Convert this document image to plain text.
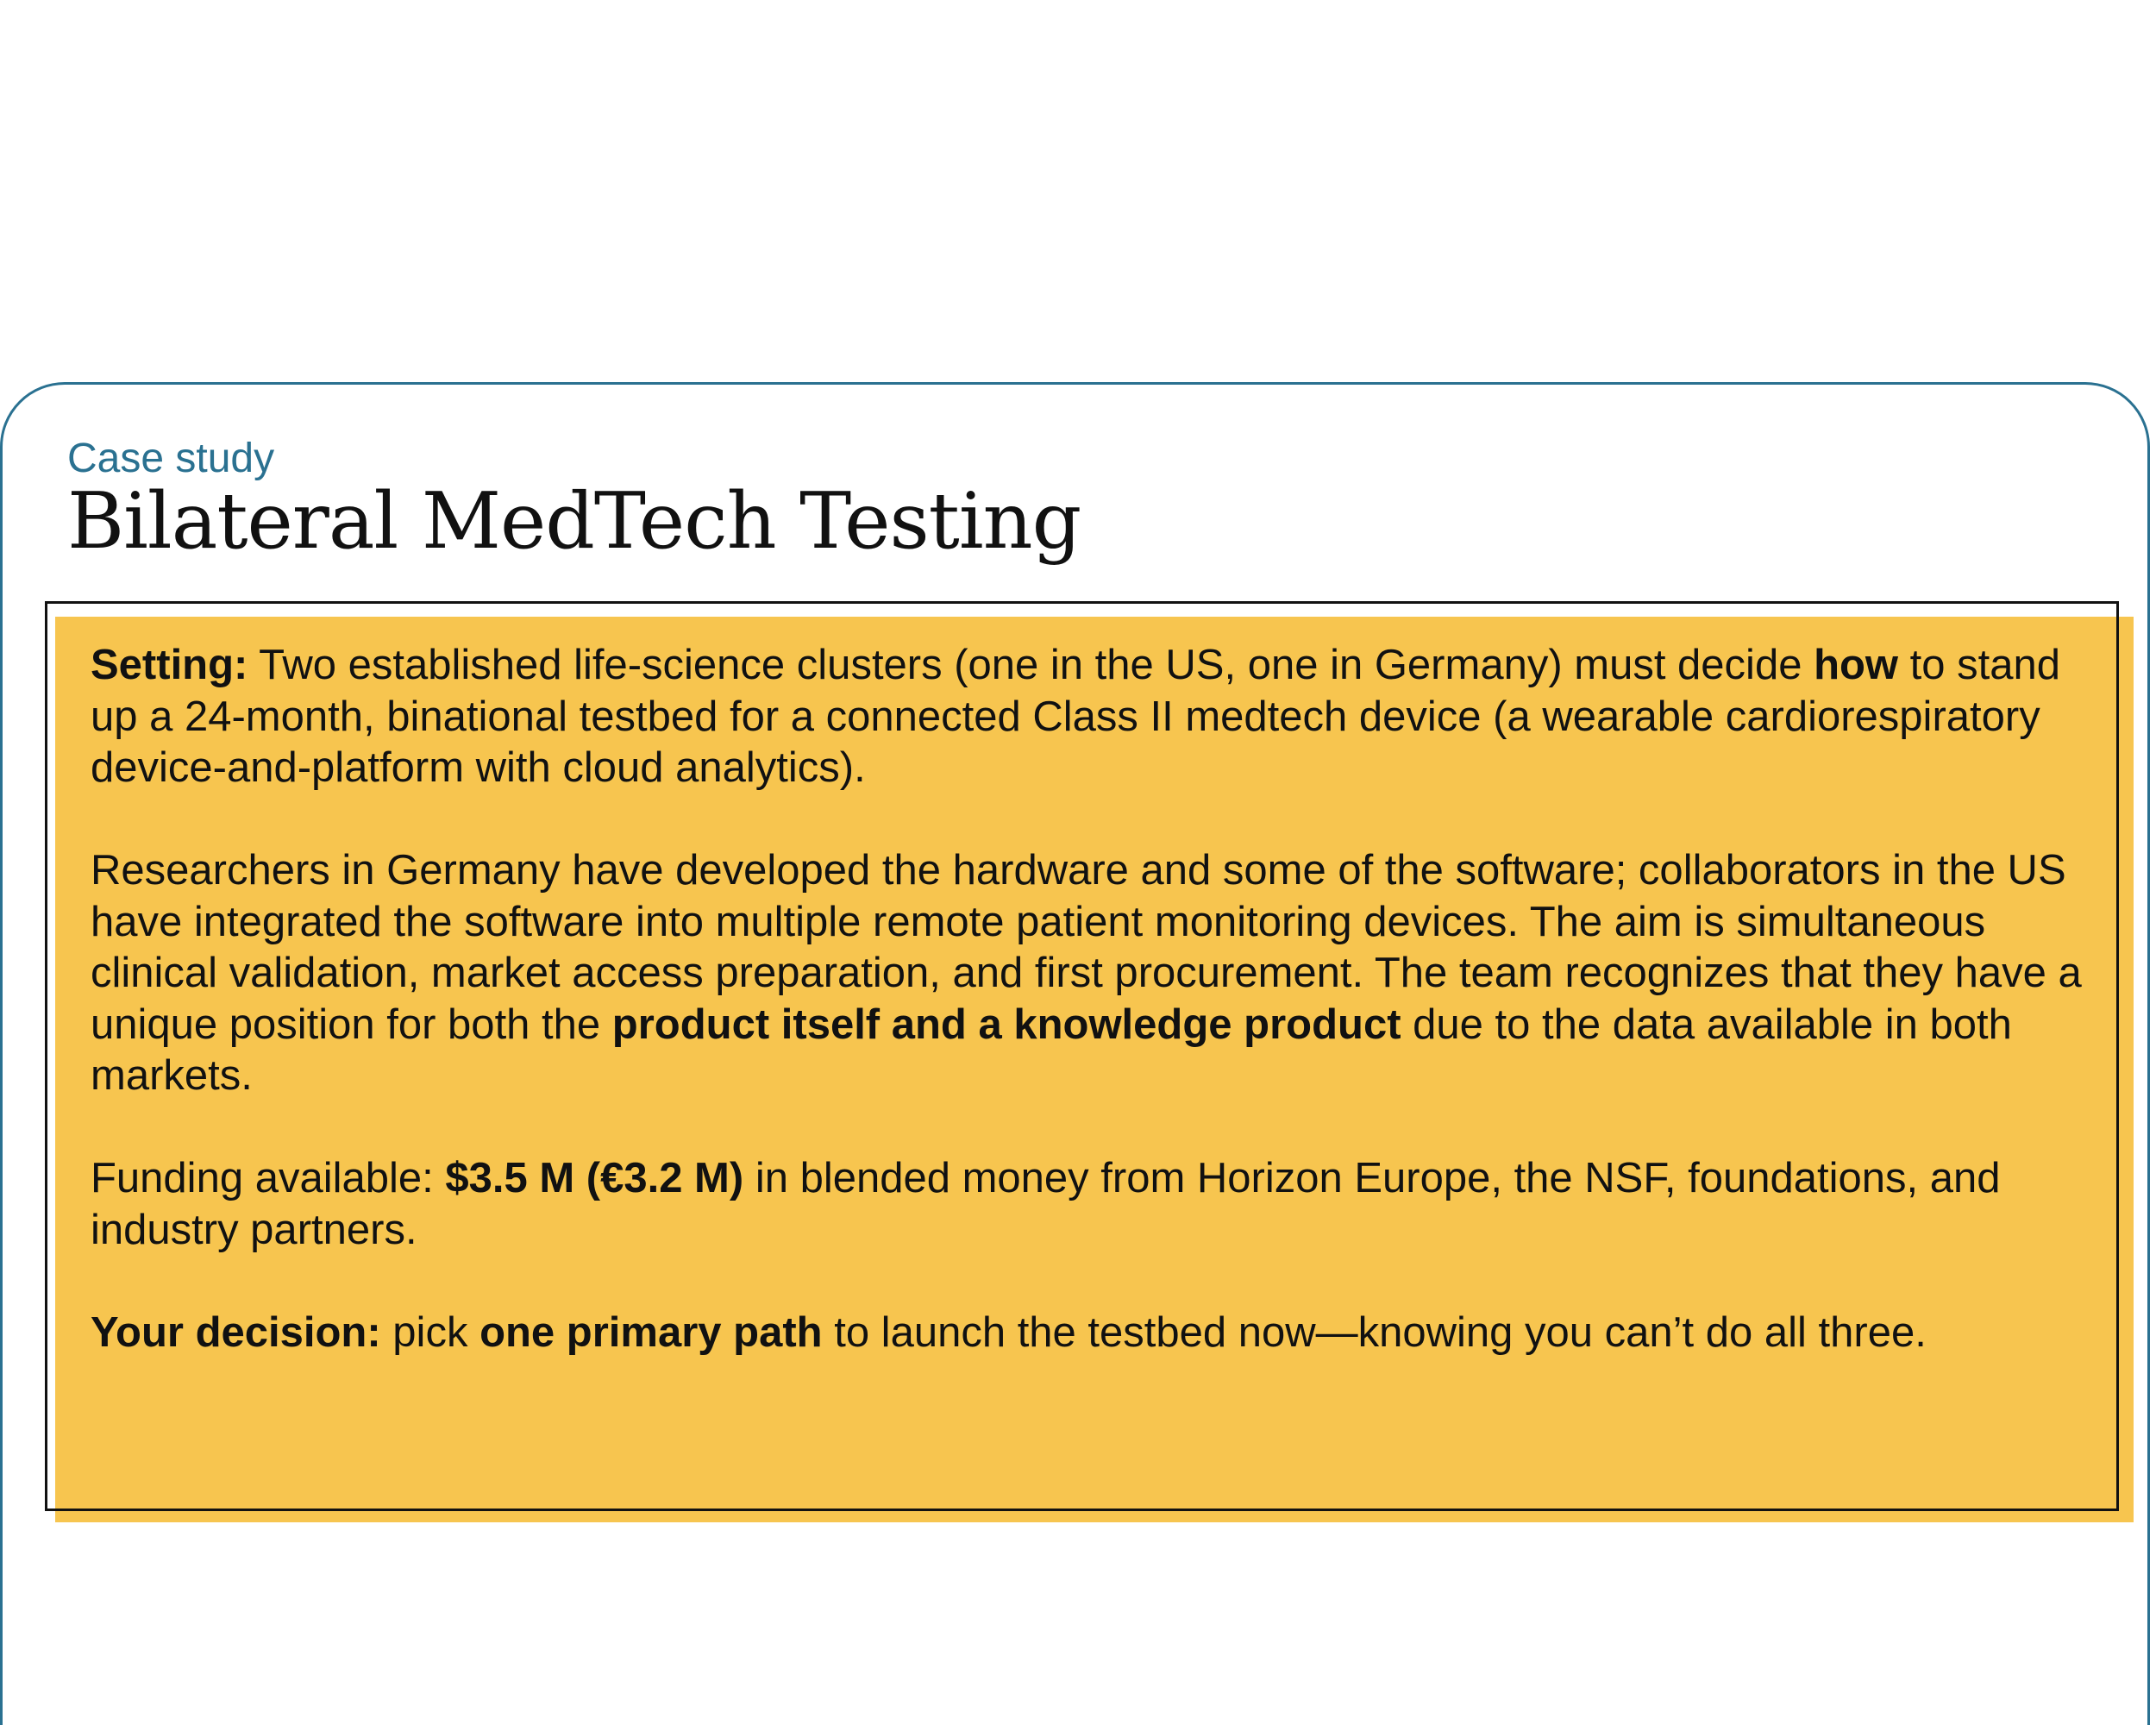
Case study
Bilateral MedTech Testing

Setting: Two established life-science clusters (one in the US, one in Germany) must decide how to stand up a 24-month, binational testbed for a connected Class II medtech device (a wearable cardiorespiratory device-and-platform with cloud analytics).

Researchers in Germany have developed the hardware and some of the software; collaborators in the US have integrated the software into multiple remote patient monitoring devices. The aim is simultaneous clinical validation, market access preparation, and first procurement. The team recognizes that they have a unique position for both the product itself and a knowledge product due to the data available in both markets.

Funding available: $3.5 M (€3.2 M) in blended money from Horizon Europe, the NSF, foundations, and industry partners.

Your decision: pick one primary path to launch the testbed now—knowing you can’t do all three.
